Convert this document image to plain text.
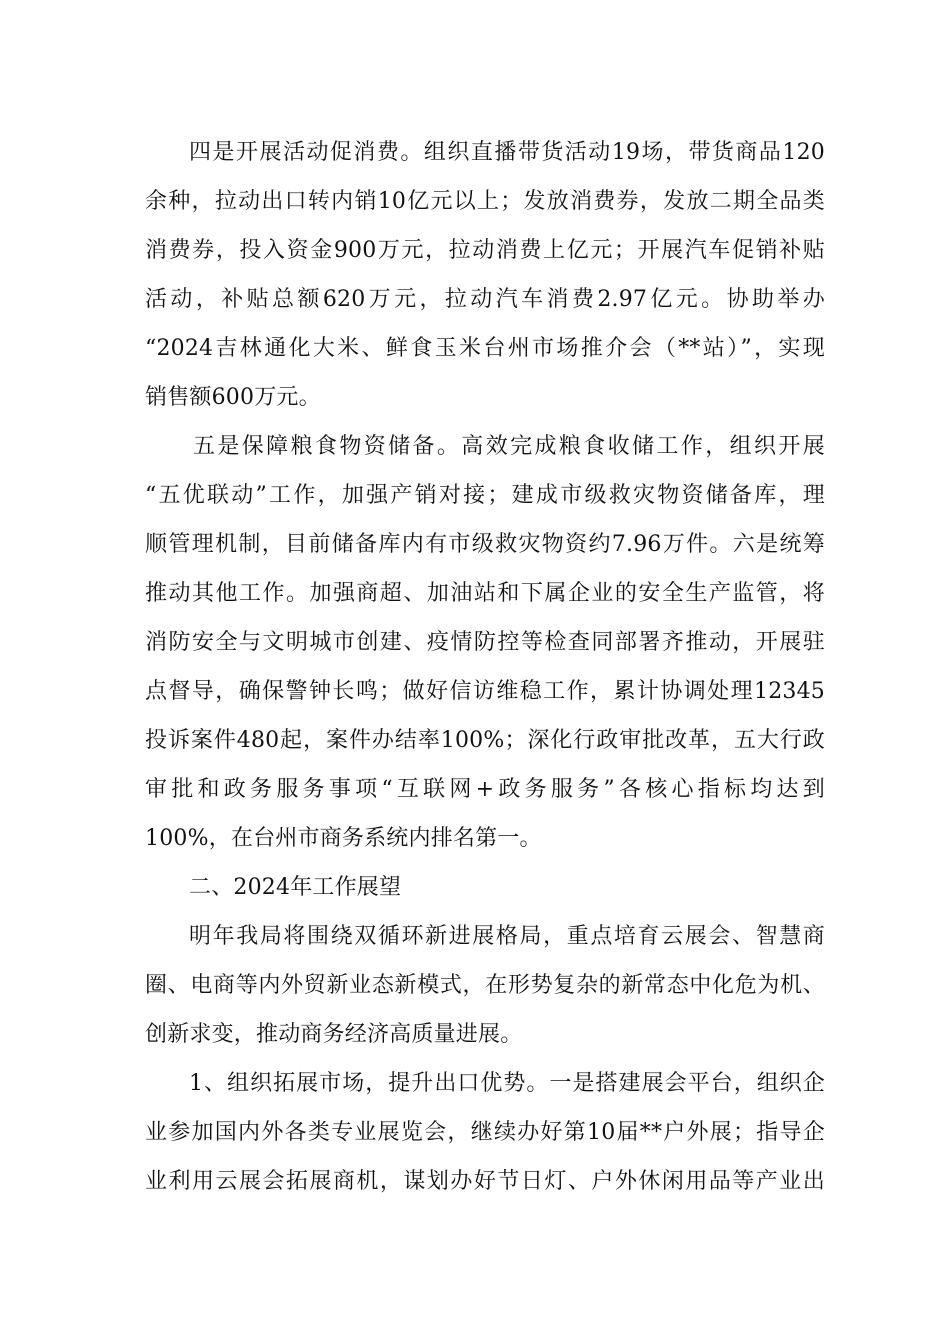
四是开展活动促消费。组织直播带货活动19场，带货商品120
余种，拉动出口转内销10亿元以上；发放消费券，发放二期全品类
消费券，投入资金900万元，拉动消费上亿元；开展汽车促销补贴
活动，补贴总额620万元，拉动汽车消费2.97亿元。协助举办
“2024吉林通化大米、鲜食玉米台州市场推介会（**站）”，实现
销售额600万元。
五是保障粮食物资储备。高效完成粮食收储工作，组织开展
“五优联动”工作，加强产销对接；建成市级救灾物资储备库，理
顺管理机制，目前储备库内有市级救灾物资约7.96万件。六是统筹
推动其他工作。加强商超、加油站和下属企业的安全生产监管，将
消防安全与文明城市创建、疫情防控等检查同部署齐推动，开展驻
点督导，确保警钟长鸣；做好信访维稳工作，累计协调处理12345
投诉案件480起，案件办结率100%；深化行政审批改革，五大行政
审批和政务服务事项“互联网+政务服务”各核心指标均达到
100%，在台州市商务系统内排名第一。
二、2024年工作展望
明年我局将围绕双循环新进展格局，重点培育云展会、智慧商
圈、电商等内外贸新业态新模式，在形势复杂的新常态中化危为机、
创新求变，推动商务经济高质量进展。
1、组织拓展市场，提升出口优势。一是搭建展会平台，组织企
业参加国内外各类专业展览会，继续办好第10届**户外展；指导企
业利用云展会拓展商机，谋划办好节日灯、户外休闲用品等产业出
